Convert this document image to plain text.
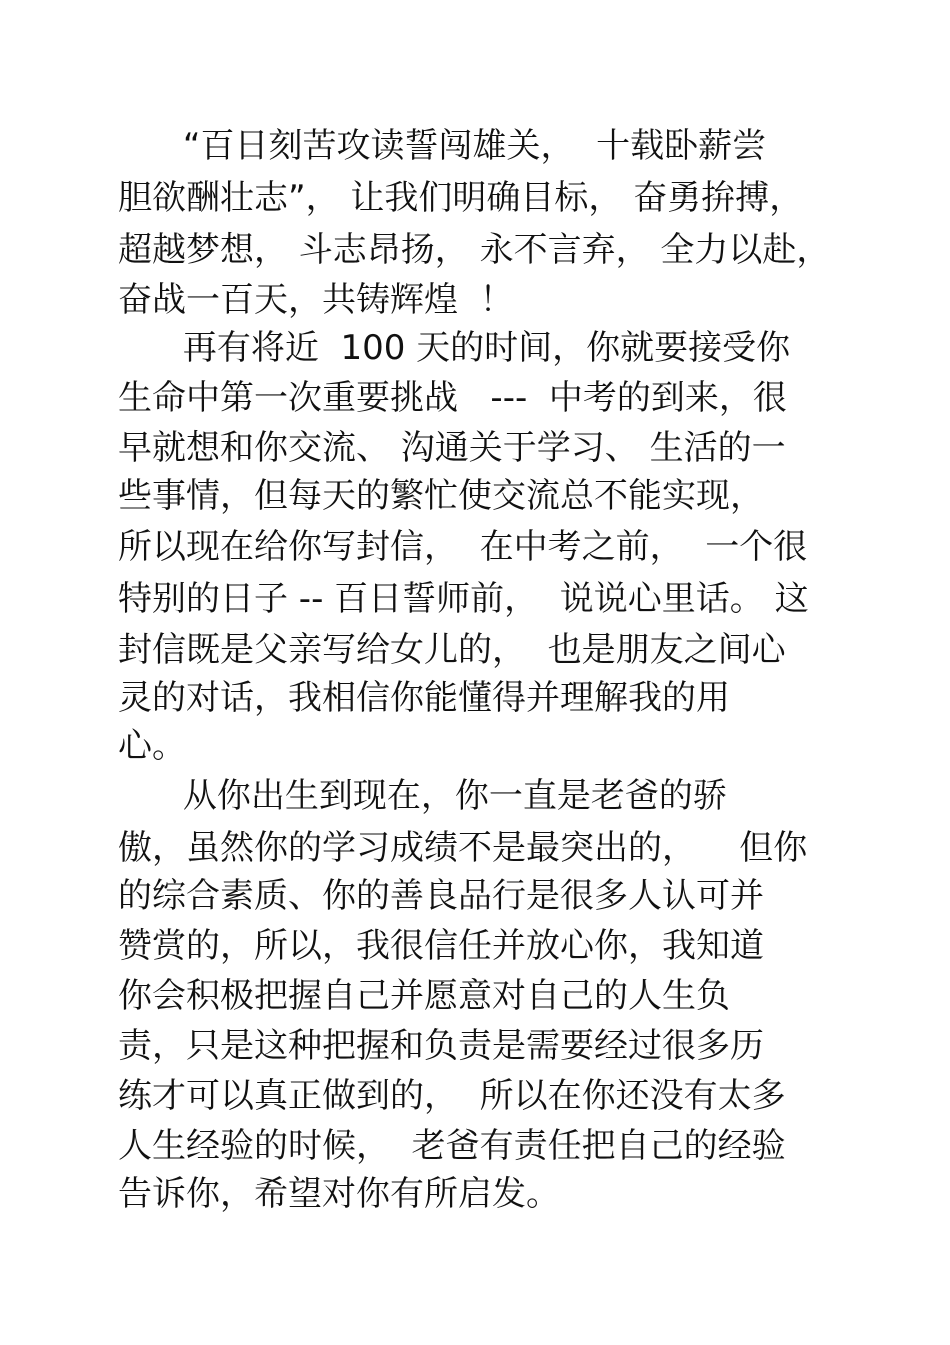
“百日刻苦攻读誓闯雄关，  十载卧薪尝
胆欲酬壮志”， 让我们明确目标， 奋勇拚搏，
超越梦想， 斗志昂扬， 永不言弃， 全力以赴，
奋战一百天，共铸辉煌  ！
再有将近  100 天的时间，你就要接受你
生命中第一次重要挑战   ---  中考的到来，很
早就想和你交流、 沟通关于学习、 生活的一
些事情，但每天的繁忙使交流总不能实现，
所以现在给你写封信，  在中考之前，  一个很
特别的日子 -- 百日誓师前，  说说心里话。 这
封信既是父亲写给女儿的，  也是朋友之间心
灵的对话，我相信你能懂得并理解我的用
心。
从你出生到现在，你一直是老爸的骄
傲，虽然你的学习成绩不是最突出的，    但你
的综合素质、你的善良品行是很多人认可并
赞赏的，所以，我很信任并放心你，我知道
你会积极把握自己并愿意对自己的人生负
责，只是这种把握和负责是需要经过很多历
练才可以真正做到的，  所以在你还没有太多
人生经验的时候，  老爸有责任把自己的经验
告诉你，希望对你有所启发。
